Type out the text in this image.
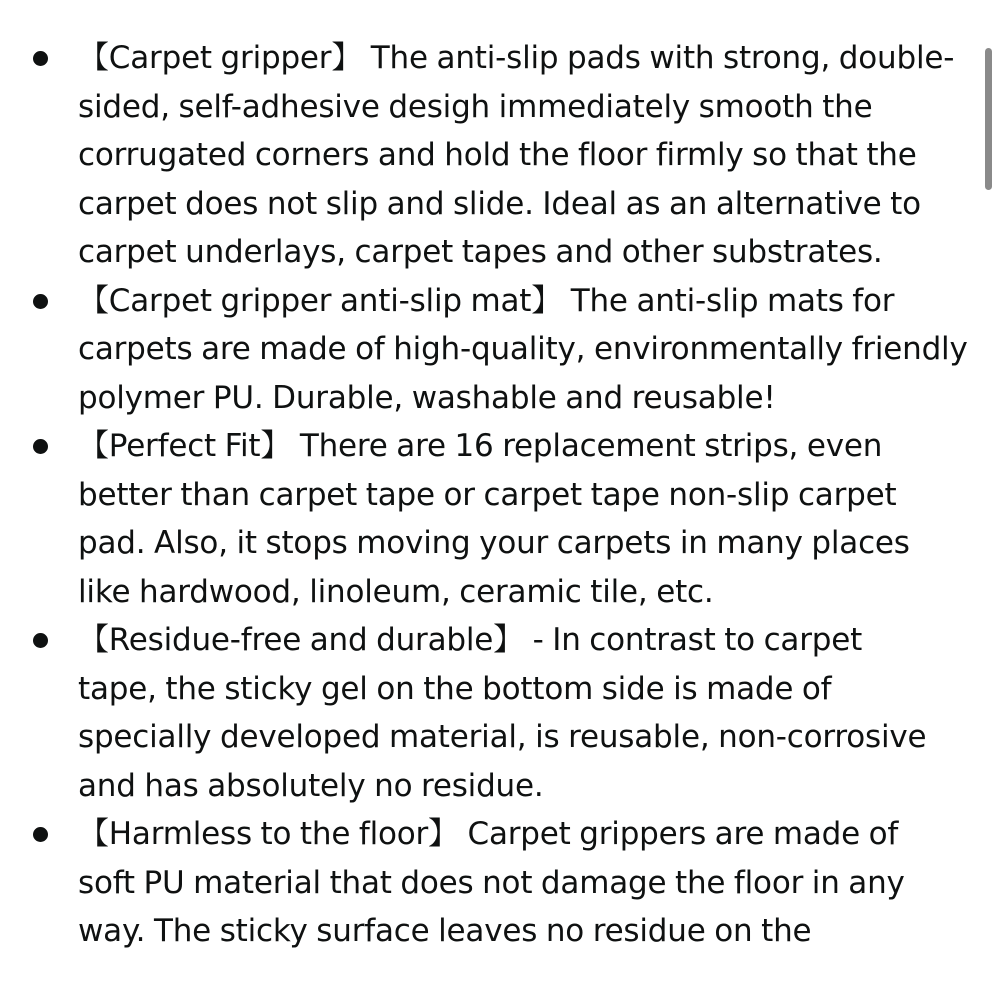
【Carpet gripper】 The anti-slip pads with strong, double-sided, self-adhesive desigh immediately smooth the corrugated corners and hold the floor firmly so that the carpet does not slip and slide. Ideal as an alternative to carpet underlays, carpet tapes and other substrates.
【Carpet gripper anti-slip mat】 The anti-slip mats for carpets are made of high-quality, environmentally friendly polymer PU. Durable, washable and reusable!
【Perfect Fit】 There are 16 replacement strips, even better than carpet tape or carpet tape non-slip carpet pad. Also, it stops moving your carpets in many places like hardwood, linoleum, ceramic tile, etc.
【Residue-free and durable】 - In contrast to carpet tape, the sticky gel on the bottom side is made of specially developed material, is reusable, non-corrosive and has absolutely no residue.
【Harmless to the floor】 Carpet grippers are made of soft PU material that does not damage the floor in any way. The sticky surface leaves no residue on the
